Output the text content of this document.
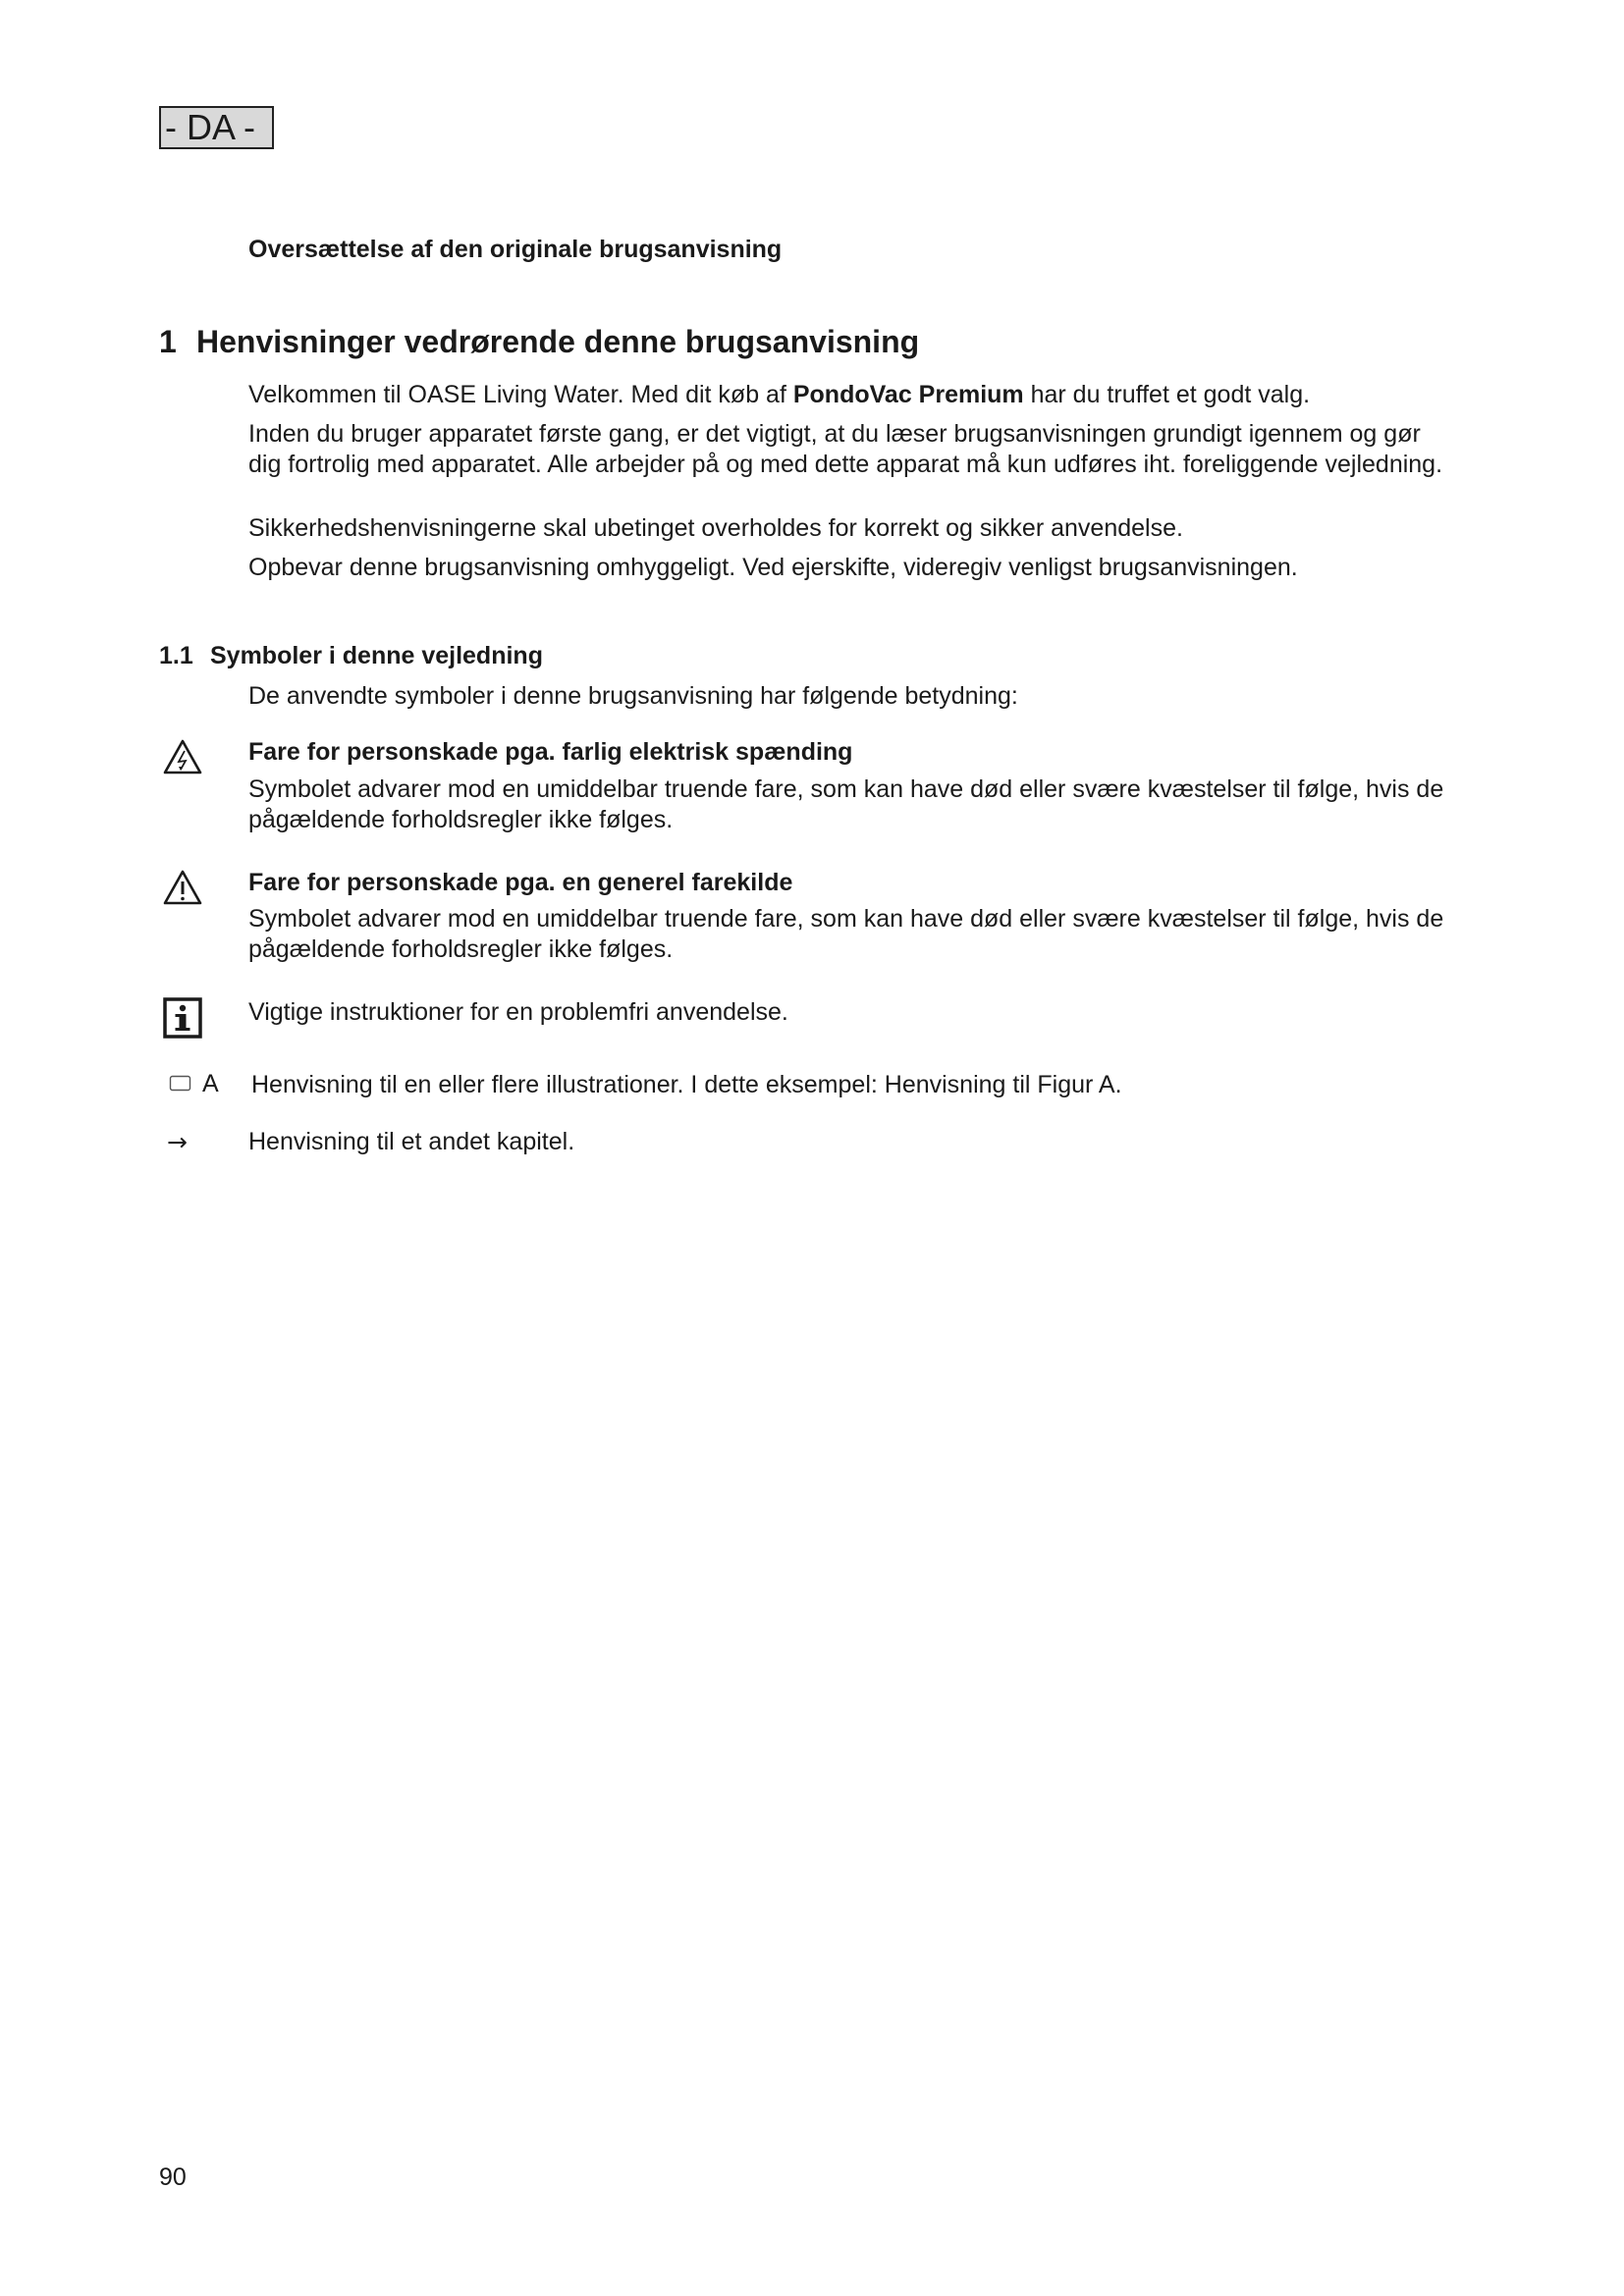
- DA -
Oversættelse af den originale brugsanvisning
1 Henvisninger vedrørende denne brugsanvisning
Velkommen til OASE Living Water. Med dit køb af PondoVac Premium har du truffet et godt valg.
Inden du bruger apparatet første gang, er det vigtigt, at du læser brugsanvisningen grundigt igennem og gør dig fortrolig med apparatet. Alle arbejder på og med dette apparat må kun udføres iht. foreliggende vejledning.
Sikkerhedshenvisningerne skal ubetinget overholdes for korrekt og sikker anvendelse.
Opbevar denne brugsanvisning omhyggeligt. Ved ejerskifte, videregiv venligst brugsanvisningen.
1.1 Symboler i denne vejledning
De anvendte symboler i denne brugsanvisning har følgende betydning:
Fare for personskade pga. farlig elektrisk spænding
Symbolet advarer mod en umiddelbar truende fare, som kan have død eller svære kvæstelser til følge, hvis de pågældende forholdsregler ikke følges.
Fare for personskade pga. en generel farekilde
Symbolet advarer mod en umiddelbar truende fare, som kan have død eller svære kvæstelser til følge, hvis de pågældende forholdsregler ikke følges.
Vigtige instruktioner for en problemfri anvendelse.
A Henvisning til en eller flere illustrationer. I dette eksempel: Henvisning til Figur A.
→ Henvisning til et andet kapitel.
90
